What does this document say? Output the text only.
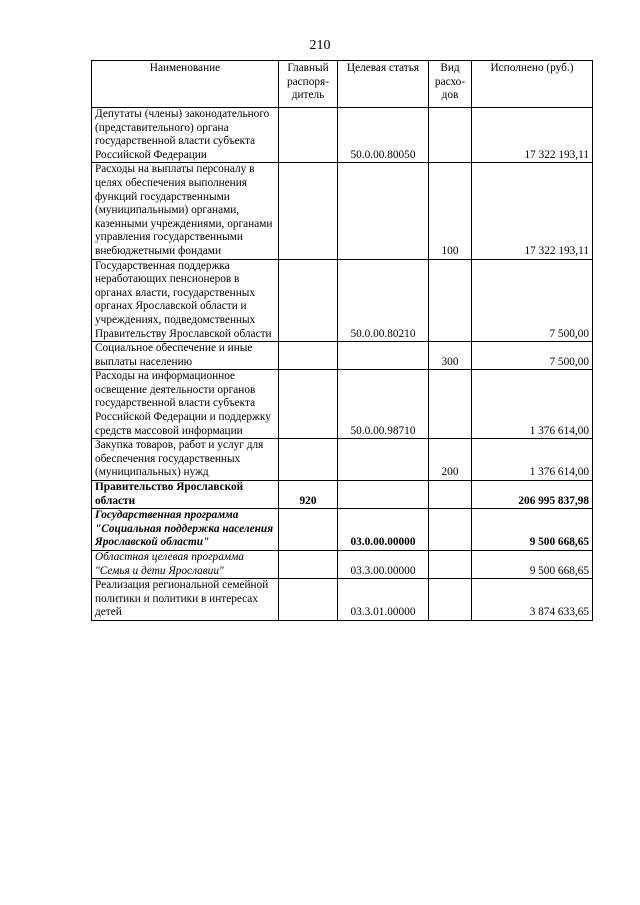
210
Наименование	Главный распоря-дитель	Целевая статья	Вид расхо-дов	Исполнено (руб.)
Депутаты (члены) законодательного (представительного) органа государственной власти субъекта Российской Федерации		50.0.00.80050		17 322 193,11
Расходы на выплаты персоналу в целях обеспечения выполнения функций государственными (муниципальными) органами, казенными учреждениями, органами управления государственными внебюджетными фондами			100	17 322 193,11
Государственная поддержка неработающих пенсионеров в органах власти, государственных органах Ярославской области и учреждениях, подведомственных Правительству Ярославской области		50.0.00.80210		7 500,00
Социальное обеспечение и иные выплаты населению			300	7 500,00
Расходы на информационное освещение деятельности органов государственной власти субъекта Российской Федерации и поддержку средств массовой информации		50.0.00.98710		1 376 614,00
Закупка товаров, работ и услуг для обеспечения государственных (муниципальных) нужд			200	1 376 614,00
Правительство Ярославской области	920			206 995 837,98
Государственная программа "Социальная поддержка населения Ярославской области"		03.0.00.00000		9 500 668,65
Областная целевая программа "Семья и дети Ярославии"		03.3.00.00000		9 500 668,65
Реализация региональной семейной политики и политики в интересах детей		03.3.01.00000		3 874 633,65
